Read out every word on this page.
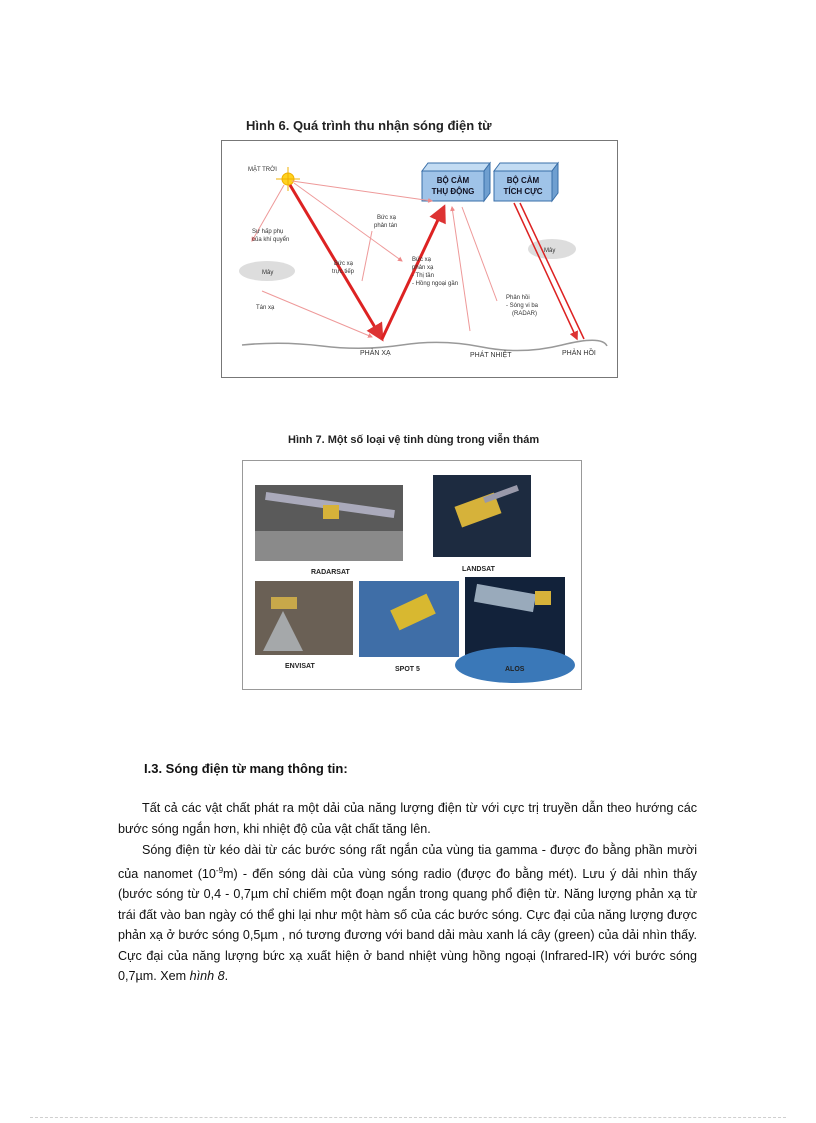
Hình 6. Quá trình thu nhận sóng điện từ
MẶT TRỜI
BỘ CẢM
THỤ ĐỘNG
BỘ CẢM
TÍCH CỰC
Sự hấp phụ
của khí quyển
Mây
Mây
Tán xạ
Bức xạ
trực tiếp
Bức xạ
phản tán
Bức xạ
phản xạ
- Thị tần
- Hồng ngoại gần
Phản hồi
- Sóng vi ba
(RADAR)
PHẢN XẠ	PHÁT NHIỆT	PHẢN HỒI
Hình 7. Một số loại vệ tinh dùng trong viễn thám
RADARSAT	LANDSAT
ENVISAT	SPOT 5	ALOS
I.3. Sóng điện từ mang thông tin:

Tất cả các vật chất phát ra một dải của năng lượng điện từ với cực trị truyền dẫn theo hướng các bước sóng ngắn hơn, khi nhiệt độ của vật chất tăng lên.

Sóng điện từ kéo dài từ các bước sóng rất ngắn của vùng tia gamma - được đo bằng phần mười của nanomet $(10^{-9}m)$ - đến sóng dài của vùng sóng radio (được đo bằng mét). Lưu ý dải nhìn thấy (bước sóng từ 0,4 - 0,7µm chỉ chiếm một đoạn ngắn trong quang phổ điện từ. Năng lượng phản xạ từ trái đất vào ban ngày có thể ghi lại như một hàm số của các bước sóng. Cực đại của năng lượng được phản xạ ở bước sóng 0,5µm , nó tương đương với band dải màu xanh lá cây (green) của dải nhìn thấy. Cực đại của năng lượng bức xạ xuất hiện ở band nhiệt vùng hồng ngoại (Infrared-IR) với bước sóng 0,7µm. Xem hình 8.
